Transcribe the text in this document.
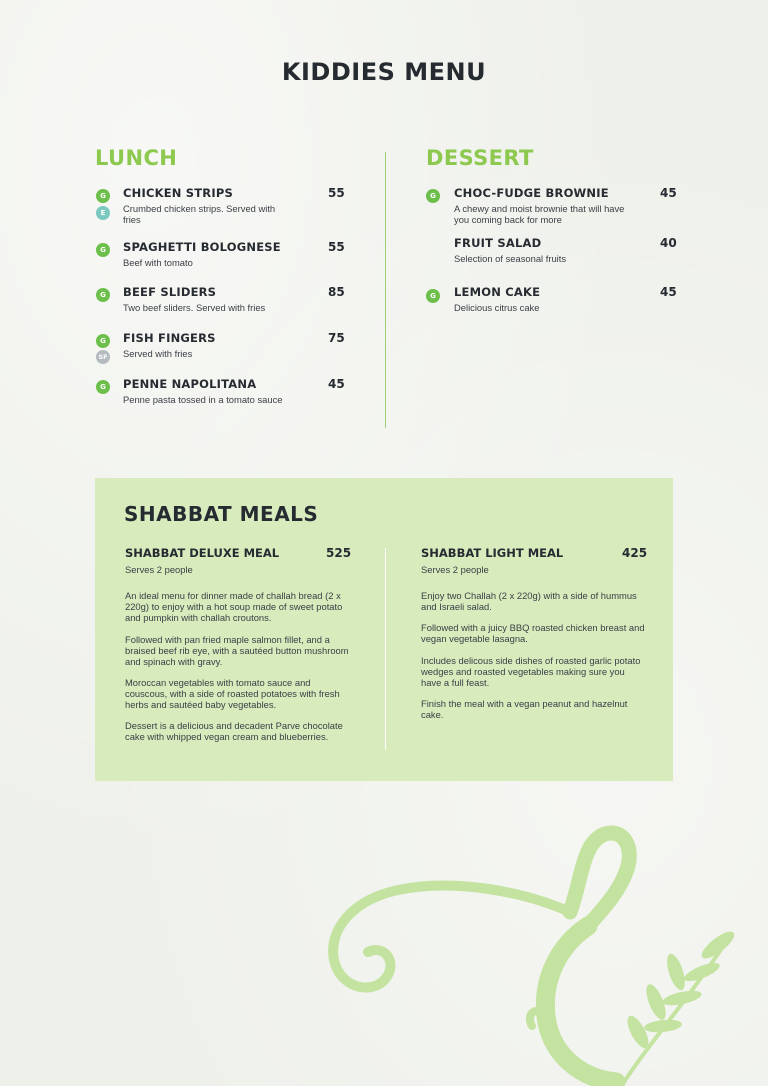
KIDDIES MENU
LUNCH
G
E
CHICKEN STRIPS	55
Crumbed chicken strips. Served with fries
G	SPAGHETTI BOLOGNESE	55
Beef with tomato
G	BEEF SLIDERS	85
Two beef sliders. Served with fries
G
SF
FISH FINGERS	75
Served with fries
G	PENNE NAPOLITANA	45
Penne pasta tossed in a tomato sauce
DESSERT
G	CHOC-FUDGE BROWNIE	45
A chewy and moist brownie that will have you coming back for more
FRUIT SALAD	40
Selection of seasonal fruits
G	LEMON CAKE	45
Delicious citrus cake
SHABBAT MEALS
SHABBAT DELUXE MEAL	525
Serves 2 people
An ideal menu for dinner made of challah bread (2 x 220g) to enjoy with a hot soup made of sweet potato and pumpkin with challah croutons.
Followed with pan fried maple salmon fillet, and a braised beef rib eye, with a sautéed button mushroom and spinach with gravy.
Moroccan vegetables with tomato sauce and couscous, with a side of roasted potatoes with fresh herbs and sautéed baby vegetables.
Dessert is a delicious and decadent Parve chocolate cake with whipped vegan cream and blueberries.
SHABBAT LIGHT MEAL	425
Serves 2 people
Enjoy two Challah (2 x 220g) with a side of hummus and Israeli salad.
Followed with a juicy BBQ roasted chicken breast and vegan vegetable lasagna.
Includes delicous side dishes of roasted garlic potato wedges and roasted vegetables making sure you have a full feast.
Finish the meal with a vegan peanut and hazelnut cake.
